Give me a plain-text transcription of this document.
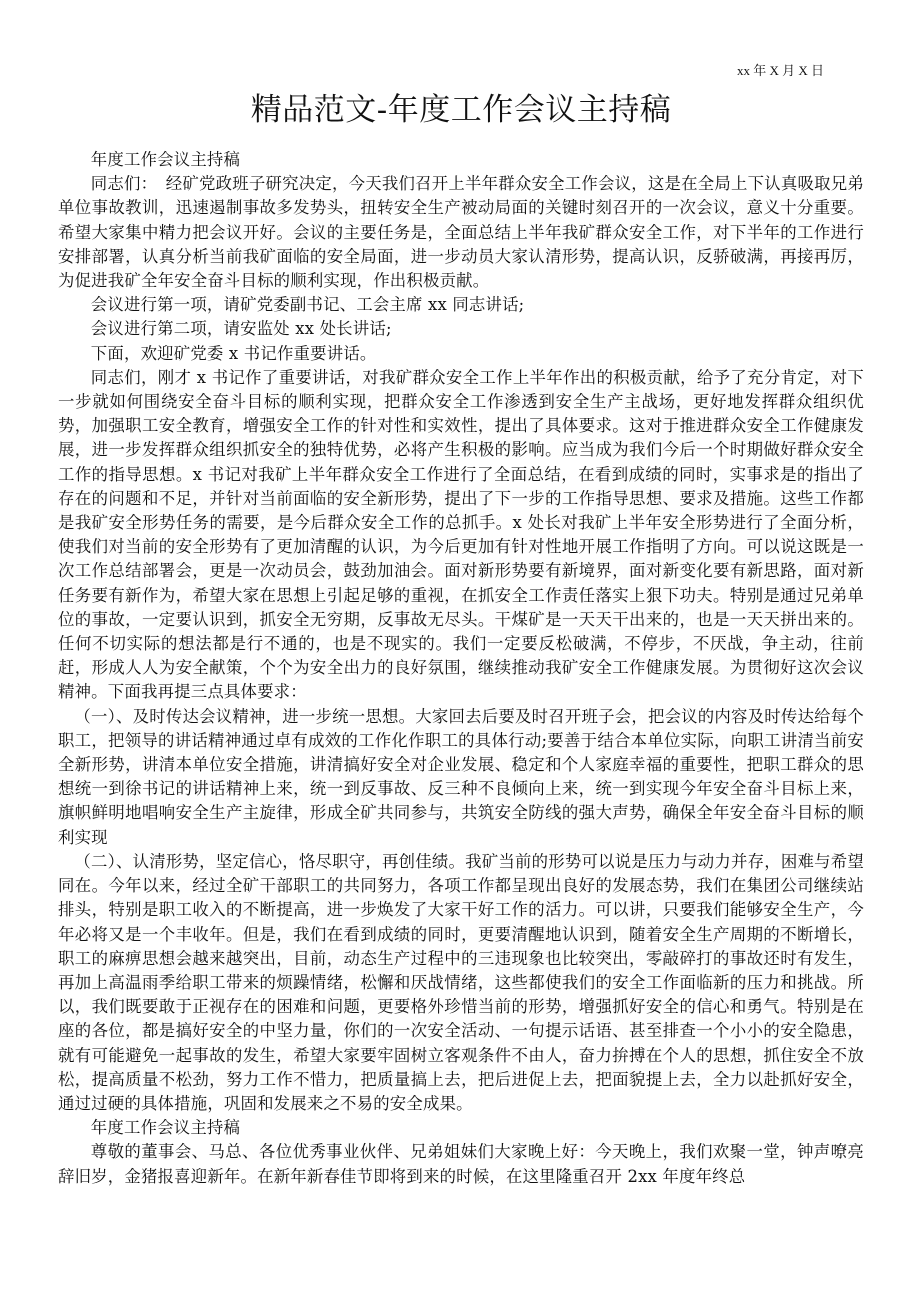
xx 年 X 月 X 日
精品范文-年度工作会议主持稿

年度工作会议主持稿

同志们：　经矿党政班子研究决定，今天我们召开上半年群众安全工作会议，这是在全局上下认真吸取兄弟单位事故教训，迅速遏制事故多发势头，扭转安全生产被动局面的关键时刻召开的一次会议，意义十分重要。希望大家集中精力把会议开好。会议的主要任务是，全面总结上半年我矿群众安全工作，对下半年的工作进行安排部署，认真分析当前我矿面临的安全局面，进一步动员大家认清形势，提高认识，反骄破满，再接再厉，为促进我矿全年安全奋斗目标的顺利实现，作出积极贡献。

会议进行第一项，请矿党委副书记、工会主席 xx 同志讲话;

会议进行第二项，请安监处 xx 处长讲话;

下面，欢迎矿党委 x 书记作重要讲话。

同志们，刚才 x 书记作了重要讲话，对我矿群众安全工作上半年作出的积极贡献，给予了充分肯定，对下一步就如何围绕安全奋斗目标的顺利实现，把群众安全工作渗透到安全生产主战场，更好地发挥群众组织优势，加强职工安全教育，增强安全工作的针对性和实效性，提出了具体要求。这对于推进群众安全工作健康发展，进一步发挥群众组织抓安全的独特优势，必将产生积极的影响。应当成为我们今后一个时期做好群众安全工作的指导思想。x 书记对我矿上半年群众安全工作进行了全面总结，在看到成绩的同时，实事求是的指出了存在的问题和不足，并针对当前面临的安全新形势，提出了下一步的工作指导思想、要求及措施。这些工作都是我矿安全形势任务的需要，是今后群众安全工作的总抓手。x 处长对我矿上半年安全形势进行了全面分析，使我们对当前的安全形势有了更加清醒的认识，为今后更加有针对性地开展工作指明了方向。可以说这既是一次工作总结部署会，更是一次动员会，鼓劲加油会。面对新形势要有新境界，面对新变化要有新思路，面对新任务要有新作为，希望大家在思想上引起足够的重视，在抓安全工作责任落实上狠下功夫。特别是通过兄弟单位的事故，一定要认识到，抓安全无穷期，反事故无尽头。干煤矿是一天天干出来的，也是一天天拼出来的。任何不切实际的想法都是行不通的，也是不现实的。我们一定要反松破满，不停步，不厌战，争主动，往前赶，形成人人为安全献策，个个为安全出力的良好氛围，继续推动我矿安全工作健康发展。为贯彻好这次会议精神。下面我再提三点具体要求：

（一）、及时传达会议精神，进一步统一思想。大家回去后要及时召开班子会，把会议的内容及时传达给每个职工，把领导的讲话精神通过卓有成效的工作化作职工的具体行动;要善于结合本单位实际，向职工讲清当前安全新形势，讲清本单位安全措施，讲清搞好安全对企业发展、稳定和个人家庭幸福的重要性，把职工群众的思想统一到徐书记的讲话精神上来，统一到反事故、反三种不良倾向上来，统一到实现今年安全奋斗目标上来，旗帜鲜明地唱响安全生产主旋律，形成全矿共同参与，共筑安全防线的强大声势，确保全年安全奋斗目标的顺利实现

（二）、认清形势，坚定信心，恪尽职守，再创佳绩。我矿当前的形势可以说是压力与动力并存，困难与希望同在。今年以来，经过全矿干部职工的共同努力，各项工作都呈现出良好的发展态势，我们在集团公司继续站排头，特别是职工收入的不断提高，进一步焕发了大家干好工作的活力。可以讲，只要我们能够安全生产，今年必将又是一个丰收年。但是，我们在看到成绩的同时，更要清醒地认识到，随着安全生产周期的不断增长，职工的麻痹思想会越来越突出，目前，动态生产过程中的三违现象也比较突出，零敲碎打的事故还时有发生，再加上高温雨季给职工带来的烦躁情绪，松懈和厌战情绪，这些都使我们的安全工作面临新的压力和挑战。所以，我们既要敢于正视存在的困难和问题，更要格外珍惜当前的形势，增强抓好安全的信心和勇气。特别是在座的各位，都是搞好安全的中坚力量，你们的一次安全活动、一句提示话语、甚至排查一个小小的安全隐患，就有可能避免一起事故的发生，希望大家要牢固树立客观条件不由人，奋力拚搏在个人的思想，抓住安全不放松，提高质量不松劲，努力工作不惜力，把质量搞上去，把后进促上去，把面貌提上去，全力以赴抓好安全，通过过硬的具体措施，巩固和发展来之不易的安全成果。

年度工作会议主持稿

尊敬的董事会、马总、各位优秀事业伙伴、兄弟姐妹们大家晚上好：今天晚上，我们欢聚一堂，钟声嘹亮辞旧岁，金猪报喜迎新年。在新年新春佳节即将到来的时候，在这里隆重召开 2xx 年度年终总
